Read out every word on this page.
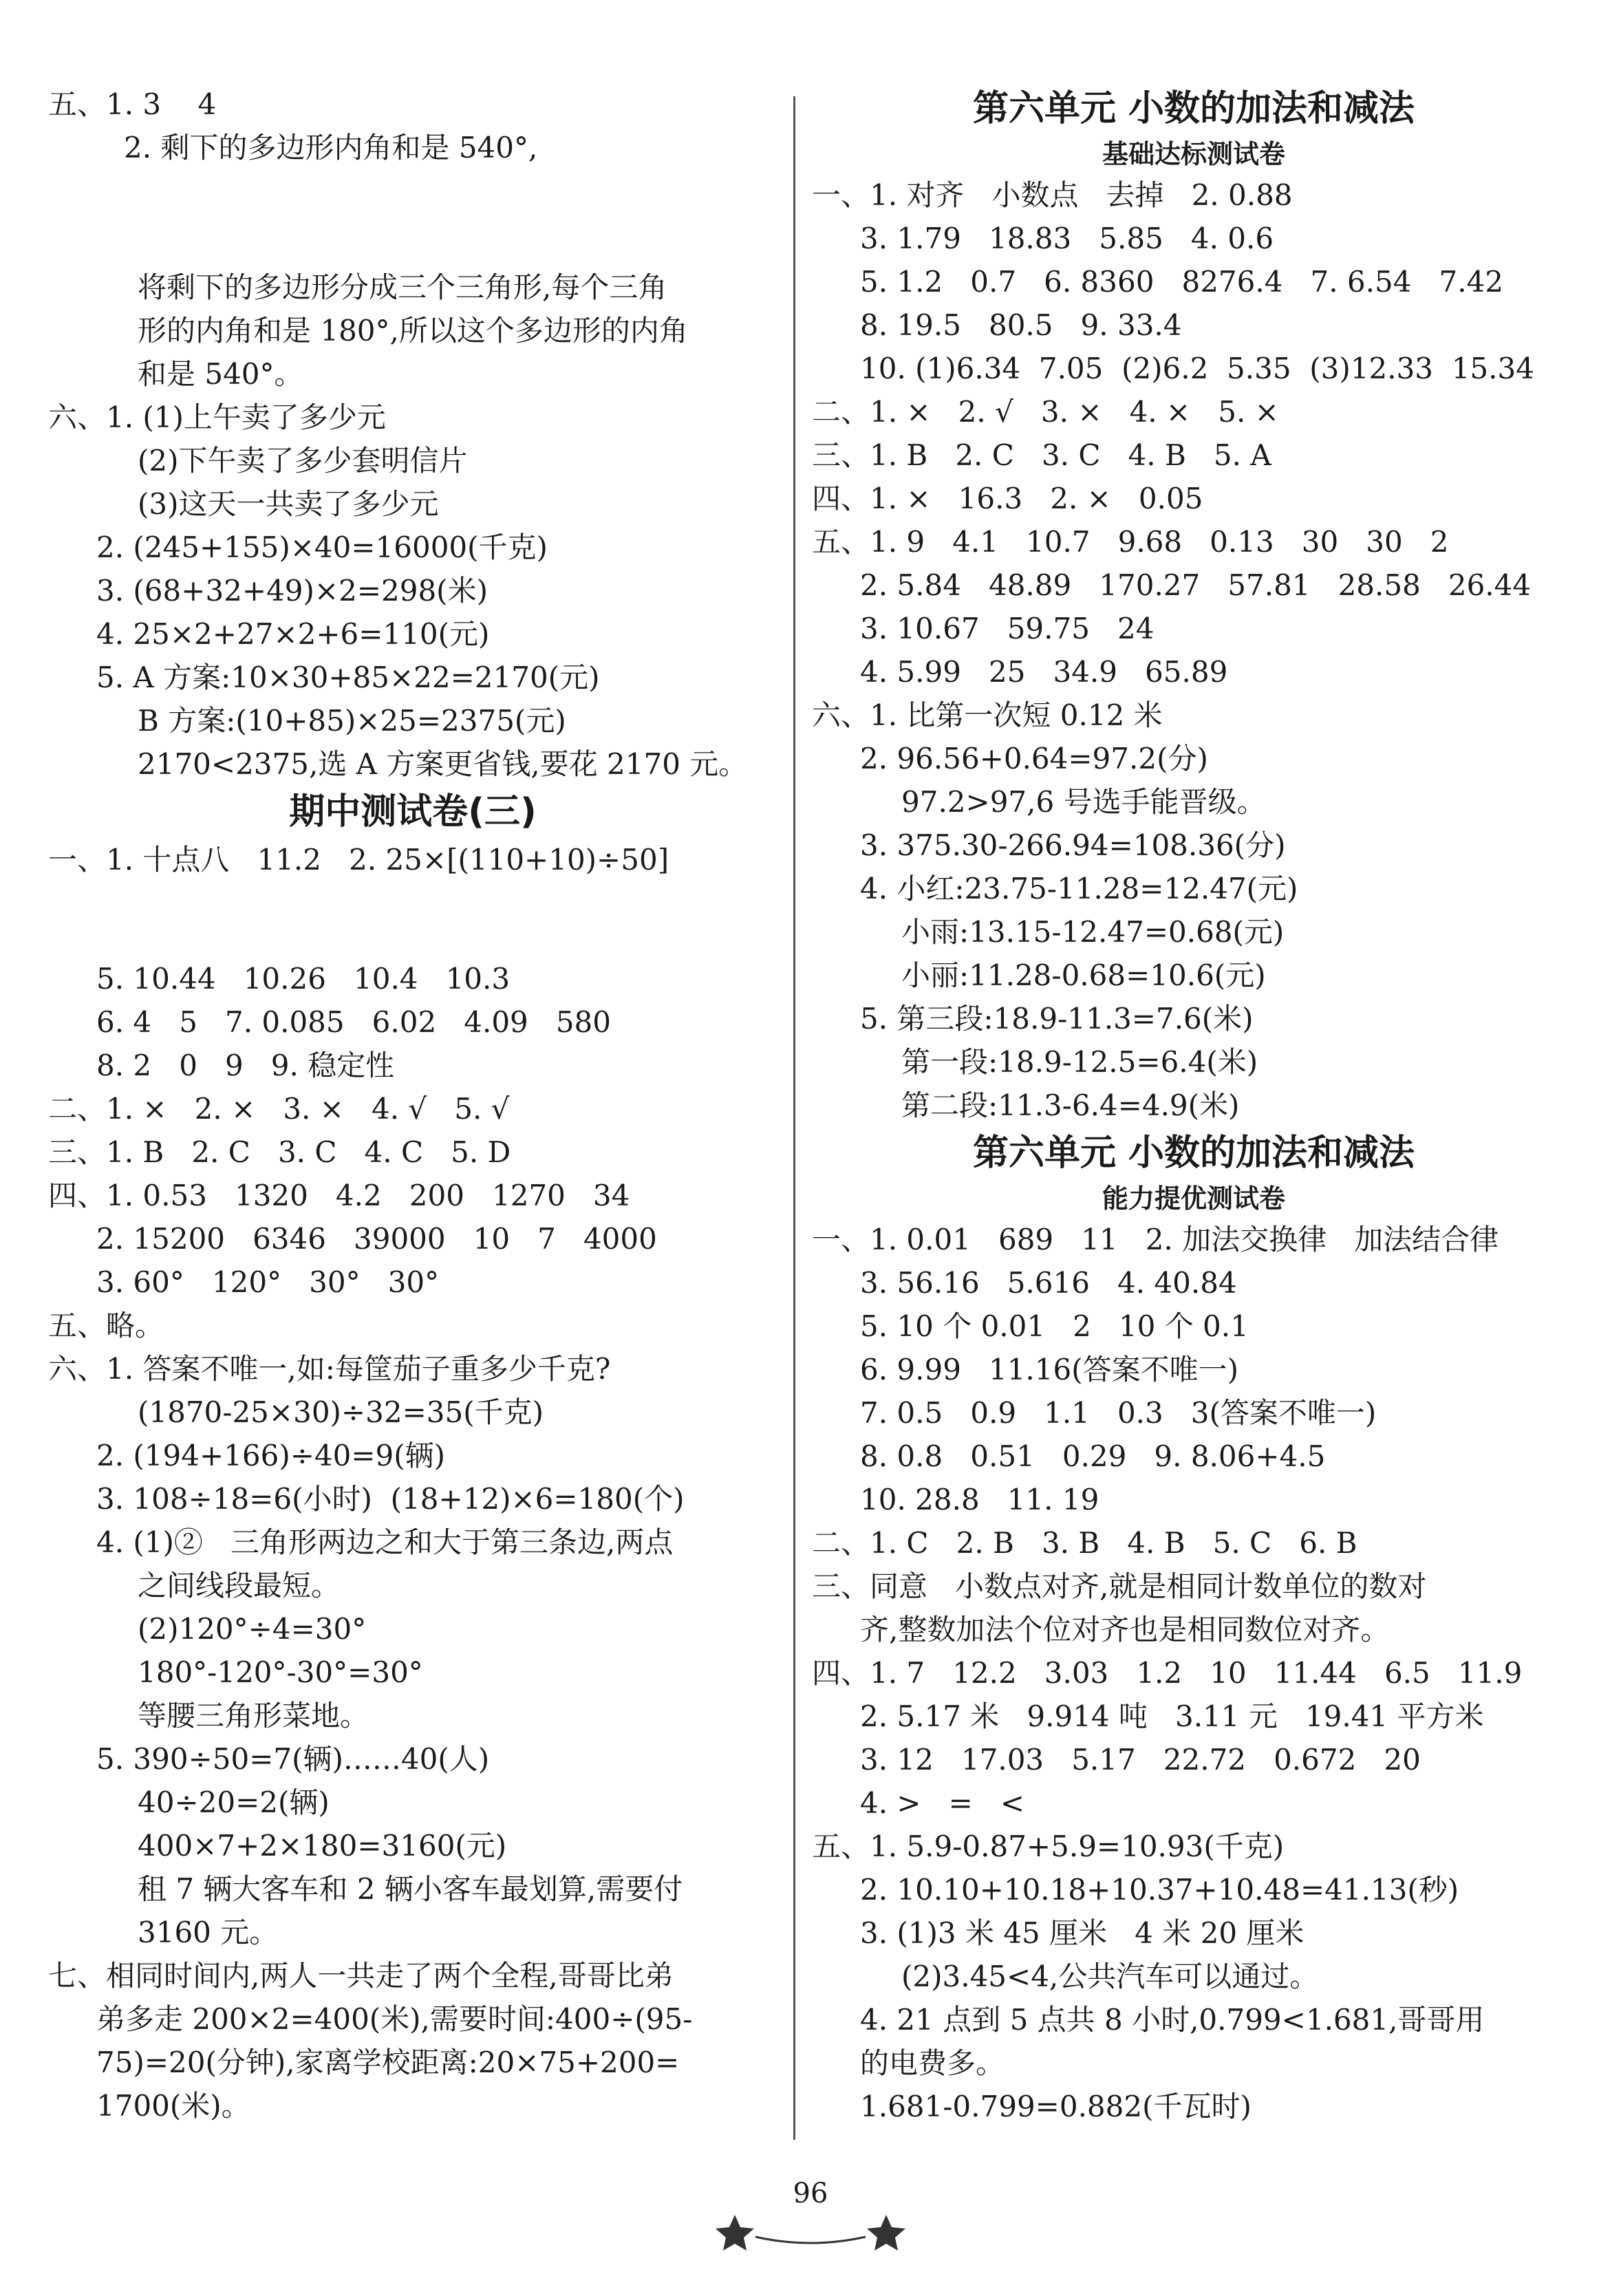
五、1. 3    4
2. 剩下的多边形内角和是 540°,

将剩下的多边形分成三个三角形,每个三角
形的内角和是 180°,所以这个多边形的内角
和是 540°。
六、1. (1)上午卖了多少元
(2)下午卖了多少套明信片
(3)这天一共卖了多少元
2. (245+155)×40=16000(千克)
3. (68+32+49)×2=298(米)
4. 25×2+27×2+6=110(元)
5. A 方案:10×30+85×22=2170(元)
B 方案:(10+85)×25=2375(元)
2170<2375,选 A 方案更省钱,要花 2170 元。
期中测试卷(三)
一、1. 十点八   11.2   2. 25×[(110+10)÷50]

5. 10.44   10.26   10.4   10.3
6. 4   5   7. 0.085   6.02   4.09   580
8. 2   0   9   9. 稳定性
二、1. ×   2. ×   3. ×   4. √   5. √
三、1. B   2. C   3. C   4. C   5. D
四、1. 0.53   1320   4.2   200   1270   34
2. 15200   6346   39000   10   7   4000
3. 60°   120°   30°   30°
五、略。
六、1. 答案不唯一,如:每筐茄子重多少千克?
(1870-25×30)÷32=35(千克)
2. (194+166)÷40=9(辆)
3. 108÷18=6(小时)  (18+12)×6=180(个)
4. (1)②   三角形两边之和大于第三条边,两点
之间线段最短。
(2)120°÷4=30°
180°-120°-30°=30°
等腰三角形菜地。
5. 390÷50=7(辆)……40(人)
40÷20=2(辆)
400×7+2×180=3160(元)
租 7 辆大客车和 2 辆小客车最划算,需要付
3160 元。
七、相同时间内,两人一共走了两个全程,哥哥比弟
弟多走 200×2=400(米),需要时间:400÷(95-
75)=20(分钟),家离学校距离:20×75+200=
1700(米)。
第六单元 小数的加法和减法
基础达标测试卷
一、1. 对齐   小数点   去掉   2. 0.88
3. 1.79   18.83   5.85   4. 0.6
5. 1.2   0.7   6. 8360   8276.4   7. 6.54   7.42
8. 19.5   80.5   9. 33.4
10. (1)6.34  7.05  (2)6.2  5.35  (3)12.33  15.34
二、1. ×   2. √   3. ×   4. ×   5. ×
三、1. B   2. C   3. C   4. B   5. A
四、1. ×   16.3   2. ×   0.05
五、1. 9   4.1   10.7   9.68   0.13   30   30   2
2. 5.84   48.89   170.27   57.81   28.58   26.44
3. 10.67   59.75   24
4. 5.99   25   34.9   65.89
六、1. 比第一次短 0.12 米
2. 96.56+0.64=97.2(分)
97.2>97,6 号选手能晋级。
3. 375.30-266.94=108.36(分)
4. 小红:23.75-11.28=12.47(元)
小雨:13.15-12.47=0.68(元)
小丽:11.28-0.68=10.6(元)
5. 第三段:18.9-11.3=7.6(米)
第一段:18.9-12.5=6.4(米)
第二段:11.3-6.4=4.9(米)
第六单元 小数的加法和减法
能力提优测试卷
一、1. 0.01   689   11   2. 加法交换律   加法结合律
3. 56.16   5.616   4. 40.84
5. 10 个 0.01   2   10 个 0.1
6. 9.99   11.16(答案不唯一)
7. 0.5   0.9   1.1   0.3   3(答案不唯一)
8. 0.8   0.51   0.29   9. 8.06+4.5
10. 28.8   11. 19
二、1. C   2. B   3. B   4. B   5. C   6. B
三、同意   小数点对齐,就是相同计数单位的数对
齐,整数加法个位对齐也是相同数位对齐。
四、1. 7   12.2   3.03   1.2   10   11.44   6.5   11.9
2. 5.17 米   9.914 吨   3.11 元   19.41 平方米
3. 12   17.03   5.17   22.72   0.672   20
4. >   =   <
五、1. 5.9-0.87+5.9=10.93(千克)
2. 10.10+10.18+10.37+10.48=41.13(秒)
3. (1)3 米 45 厘米   4 米 20 厘米
(2)3.45<4,公共汽车可以通过。
4. 21 点到 5 点共 8 小时,0.799<1.681,哥哥用
的电费多。
1.681-0.799=0.882(千瓦时)
96
